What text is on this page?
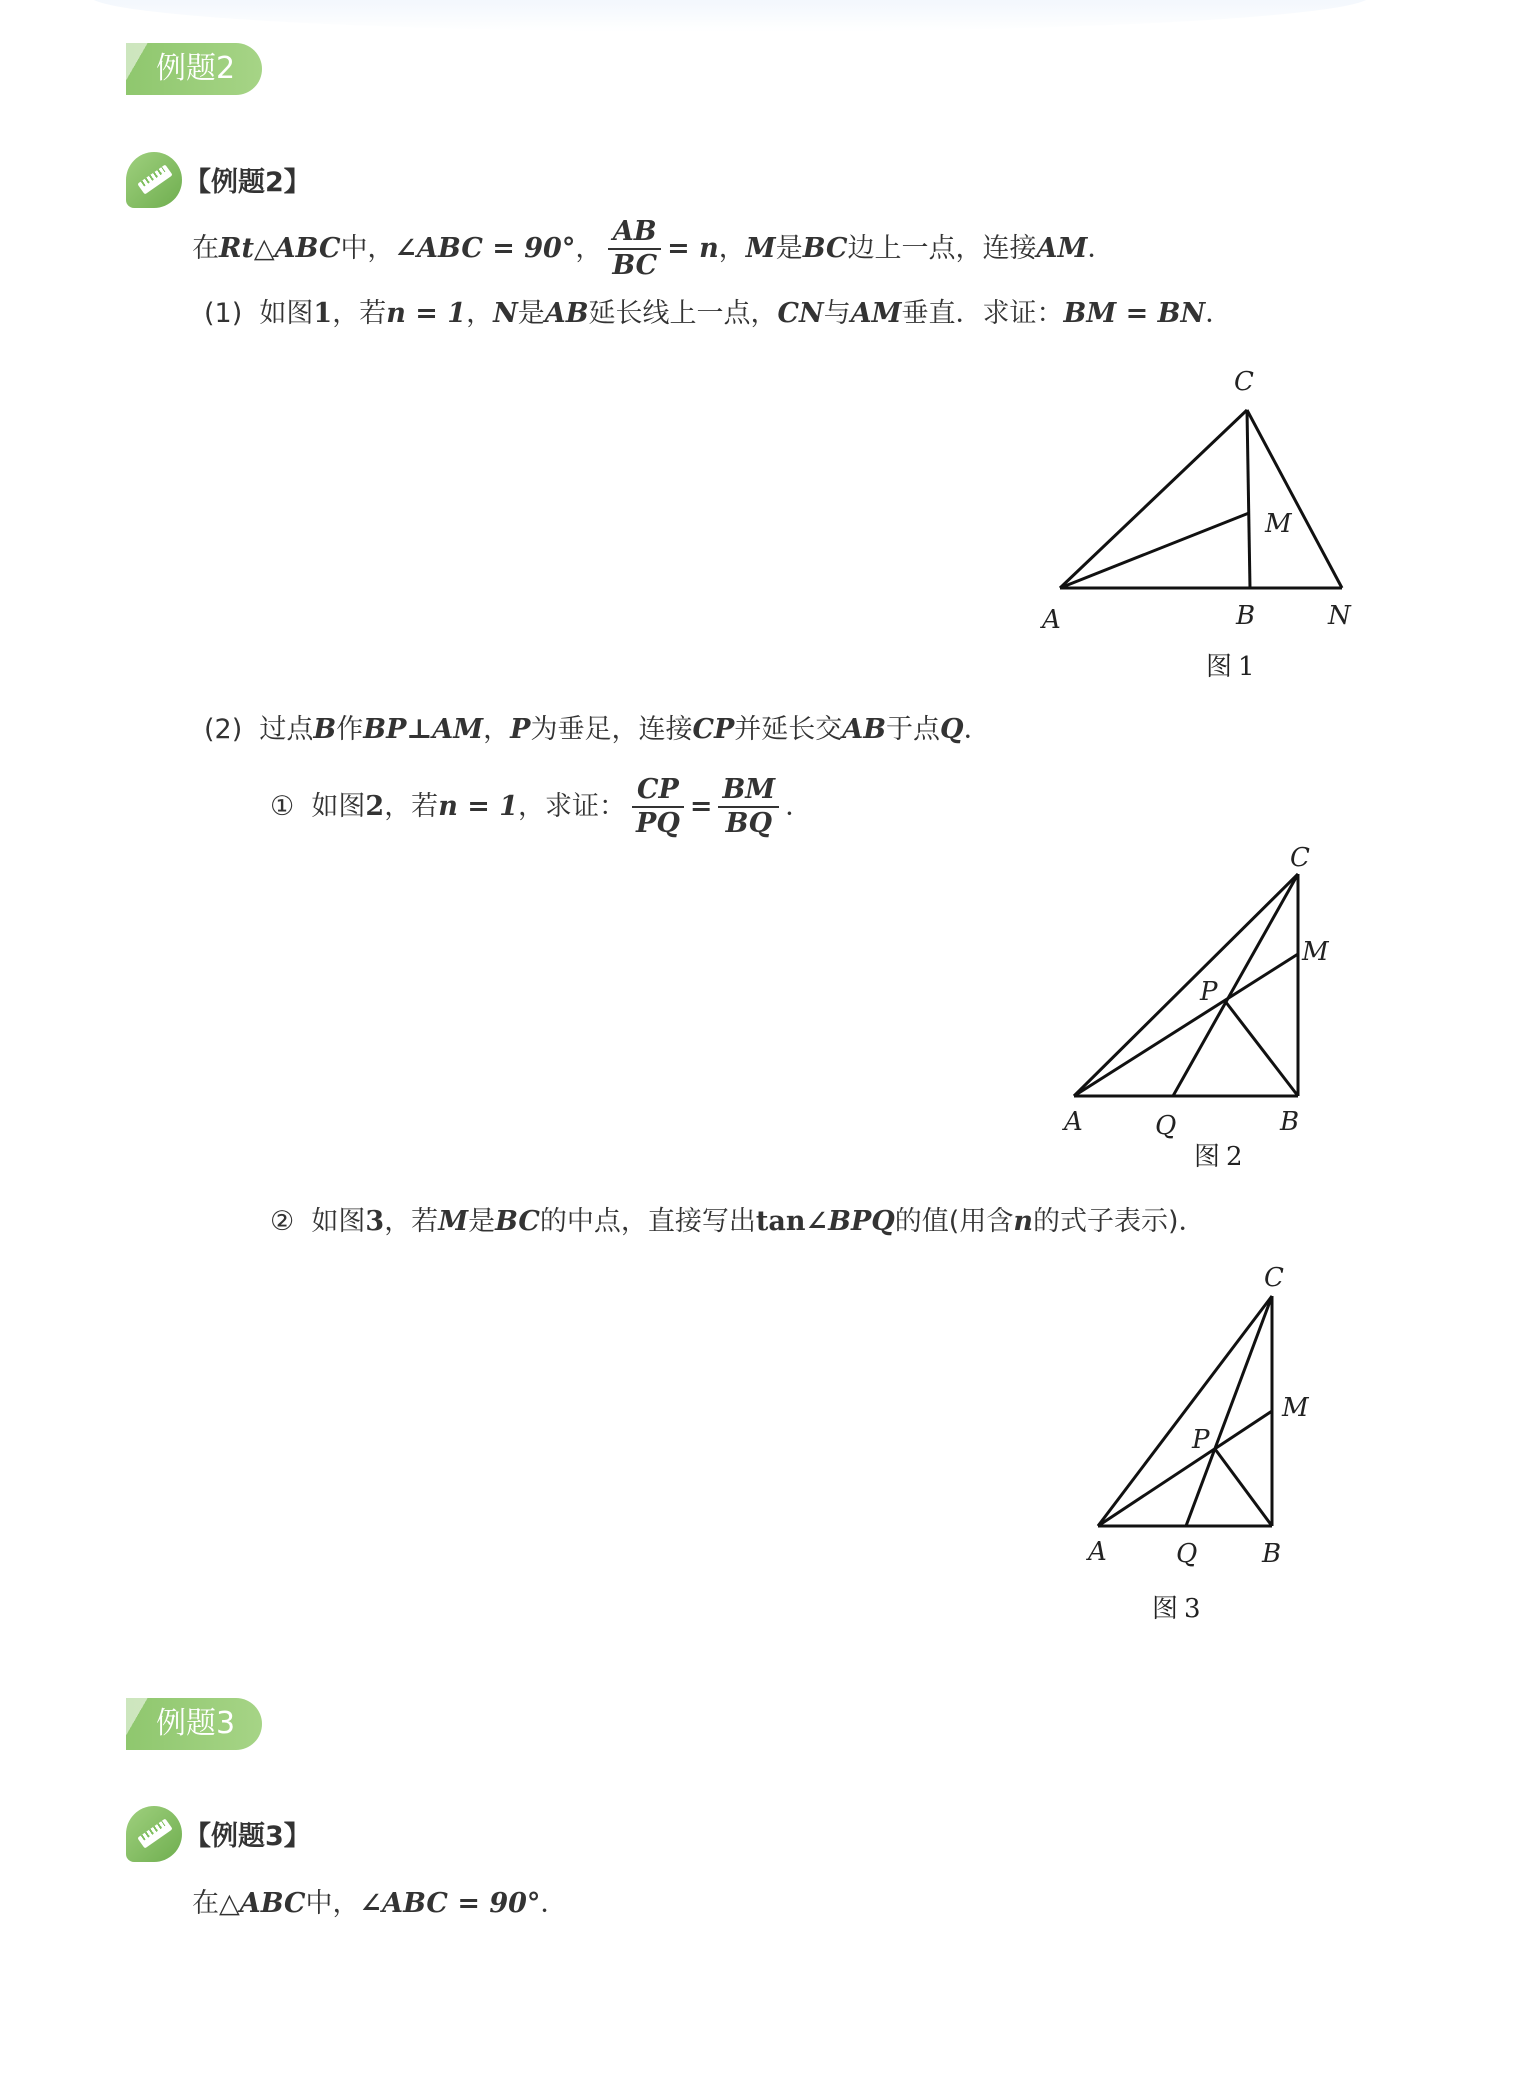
例题2
【例题2】
在Rt△ABC中，∠ABC = 90°， $\frac{AB}{BC} = n$，M是BC边上一点，连接AM．
(1) 如图1，若n = 1，N是AB延长线上一点，CN与AM垂直．求证：BM = BN．
A	B
C
M
N
图 1
(2) 过点B作BP⊥AM，P为垂足，连接CP并延长交AB于点Q．
① 如图2，若n = 1，求证： $\frac{CP}{PQ} = \frac{BM}{BQ}$ ．
A	Q	B
C
M
P
图 2
② 如图3，若M是BC的中点，直接写出tan∠BPQ的值(用含n的式子表示)．
A	Q B
C
M
P
图 3
例题3
【例题3】
在△ABC中，∠ABC = 90°．
